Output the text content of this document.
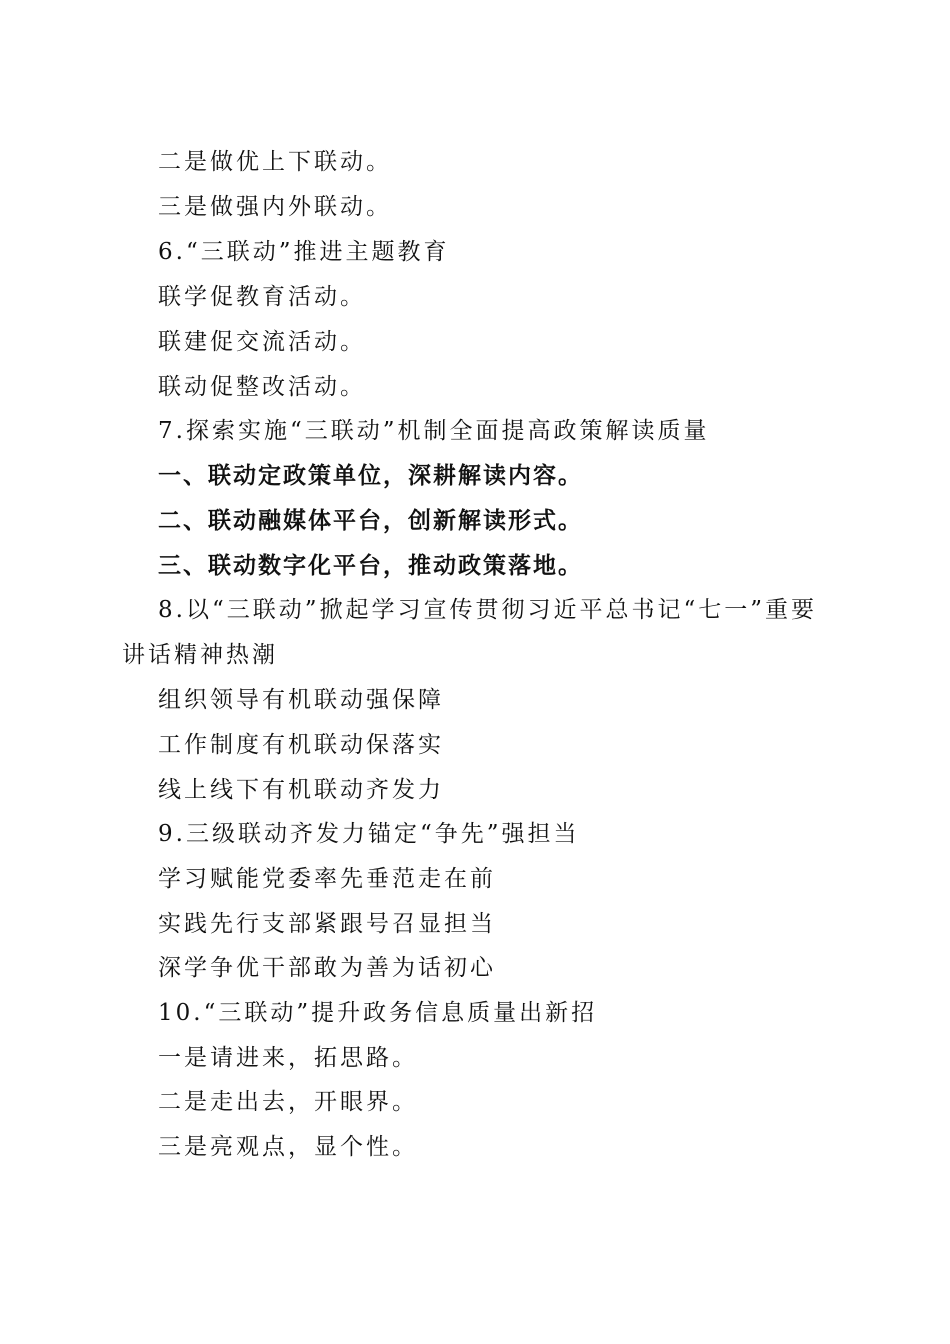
二是做优上下联动。
三是做强内外联动。
6.“三联动”推进主题教育
联学促教育活动。
联建促交流活动。
联动促整改活动。
7.探索实施“三联动”机制全面提高政策解读质量
一、联动定政策单位，深耕解读内容。
二、联动融媒体平台，创新解读形式。
三、联动数字化平台，推动政策落地。
8.以“三联动”掀起学习宣传贯彻习近平总书记“七一”重要讲话精神热潮
组织领导有机联动强保障
工作制度有机联动保落实
线上线下有机联动齐发力
9.三级联动齐发力锚定“争先”强担当
学习赋能党委率先垂范走在前
实践先行支部紧跟号召显担当
深学争优干部敢为善为话初心
10.“三联动”提升政务信息质量出新招
一是请进来，拓思路。
二是走出去，开眼界。
三是亮观点，显个性。
